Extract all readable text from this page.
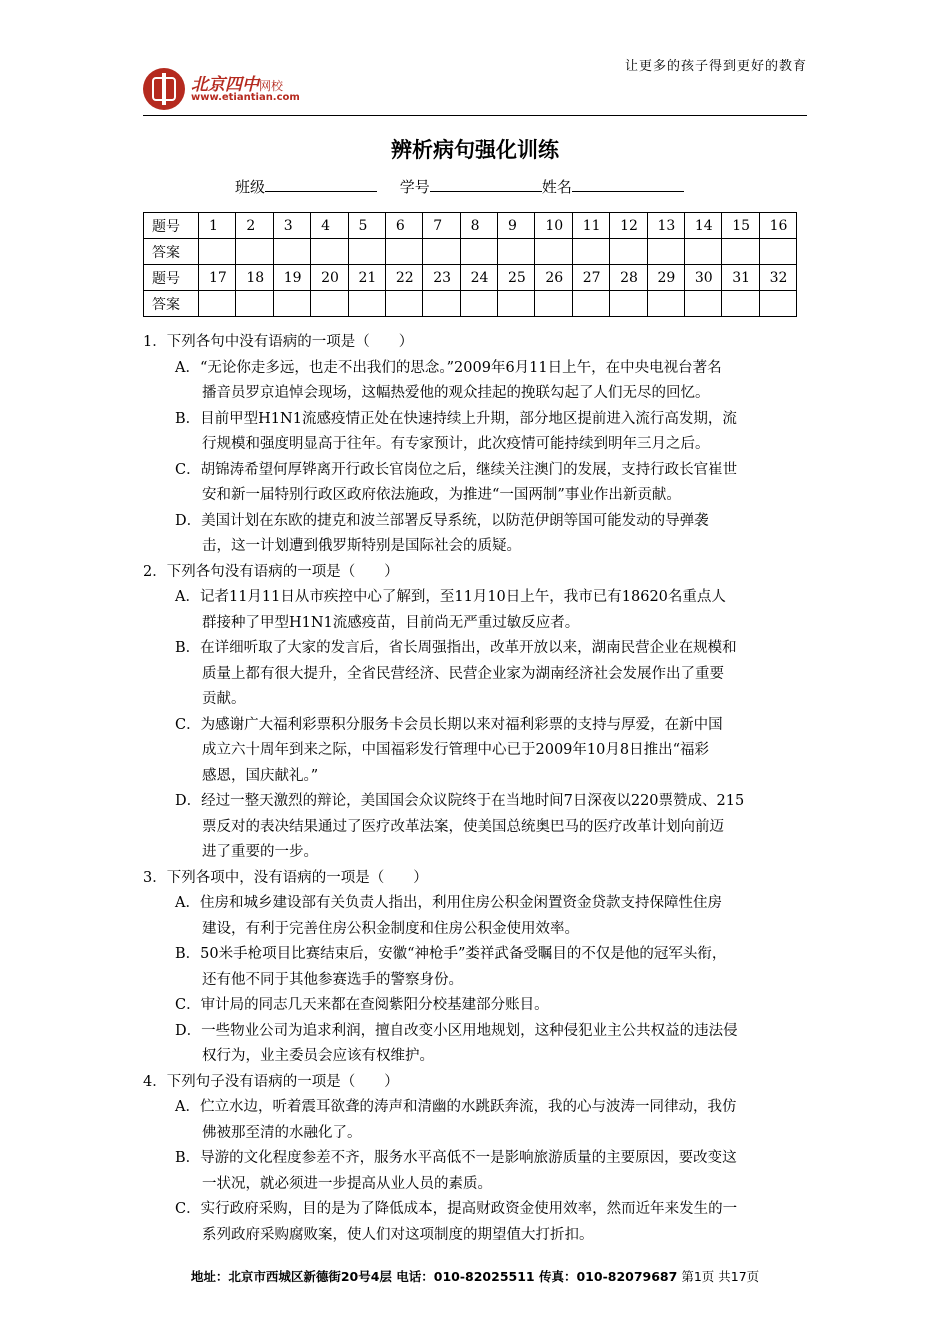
让更多的孩子得到更好的教育
北京四中网校
www.etiantian.com
辨析病句强化训练
班级	学号	姓名
题号	1	2	3	4	5	6	7	8	9	10	11	12	13	14	15	16
答案																
题号	17	18	19	20	21	22	23	24	25	26	27	28	29	30	31	32
答案																
1．下列各句中没有语病的一项是（　　）
A．“无论你走多远，也走不出我们的思念。”2009年6月11日上午，在中央电视台著名
播音员罗京追悼会现场，这幅热爱他的观众挂起的挽联勾起了人们无尽的回忆。
B．目前甲型H1N1流感疫情正处在快速持续上升期，部分地区提前进入流行高发期，流
行规模和强度明显高于往年。有专家预计，此次疫情可能持续到明年三月之后。
C．胡锦涛希望何厚铧离开行政长官岗位之后，继续关注澳门的发展，支持行政长官崔世
安和新一届特别行政区政府依法施政，为推进“一国两制”事业作出新贡献。
D．美国计划在东欧的捷克和波兰部署反导系统，以防范伊朗等国可能发动的导弹袭
击，这一计划遭到俄罗斯特别是国际社会的质疑。
2．下列各句没有语病的一项是（　　）
A．记者11月11日从市疾控中心了解到，至11月10日上午，我市已有18620名重点人
群接种了甲型H1N1流感疫苗，目前尚无严重过敏反应者。
B．在详细听取了大家的发言后，省长周强指出，改革开放以来，湖南民营企业在规模和
质量上都有很大提升，全省民营经济、民营企业家为湖南经济社会发展作出了重要
贡献。
C．为感谢广大福利彩票积分服务卡会员长期以来对福利彩票的支持与厚爱，在新中国
成立六十周年到来之际，中国福彩发行管理中心已于2009年10月8日推出“福彩
感恩，国庆献礼。”
D．经过一整天激烈的辩论，美国国会众议院终于在当地时间7日深夜以220票赞成、215
票反对的表决结果通过了医疗改革法案，使美国总统奥巴马的医疗改革计划向前迈
进了重要的一步。
3．下列各项中，没有语病的一项是（　　）
A．住房和城乡建设部有关负责人指出，利用住房公积金闲置资金贷款支持保障性住房
建设，有利于完善住房公积金制度和住房公积金使用效率。
B．50米手枪项目比赛结束后，安徽“神枪手”娄祥武备受瞩目的不仅是他的冠军头衔，
还有他不同于其他参赛选手的警察身份。
C．审计局的同志几天来都在查阅紫阳分校基建部分账目。
D．一些物业公司为追求利润，擅自改变小区用地规划，这种侵犯业主公共权益的违法侵
权行为，业主委员会应该有权维护。
4．下列句子没有语病的一项是（　　）
A．伫立水边，听着震耳欲聋的涛声和清幽的水跳跃奔流，我的心与波涛一同律动，我仿
佛被那至清的水融化了。
B．导游的文化程度参差不齐，服务水平高低不一是影响旅游质量的主要原因，要改变这
一状况，就必须进一步提高从业人员的素质。
C．实行政府采购，目的是为了降低成本，提高财政资金使用效率，然而近年来发生的一
系列政府采购腐败案，使人们对这项制度的期望值大打折扣。
地址：北京市西城区新德街20号4层 电话：010-82025511 传真：010-82079687 第1页 共17页
